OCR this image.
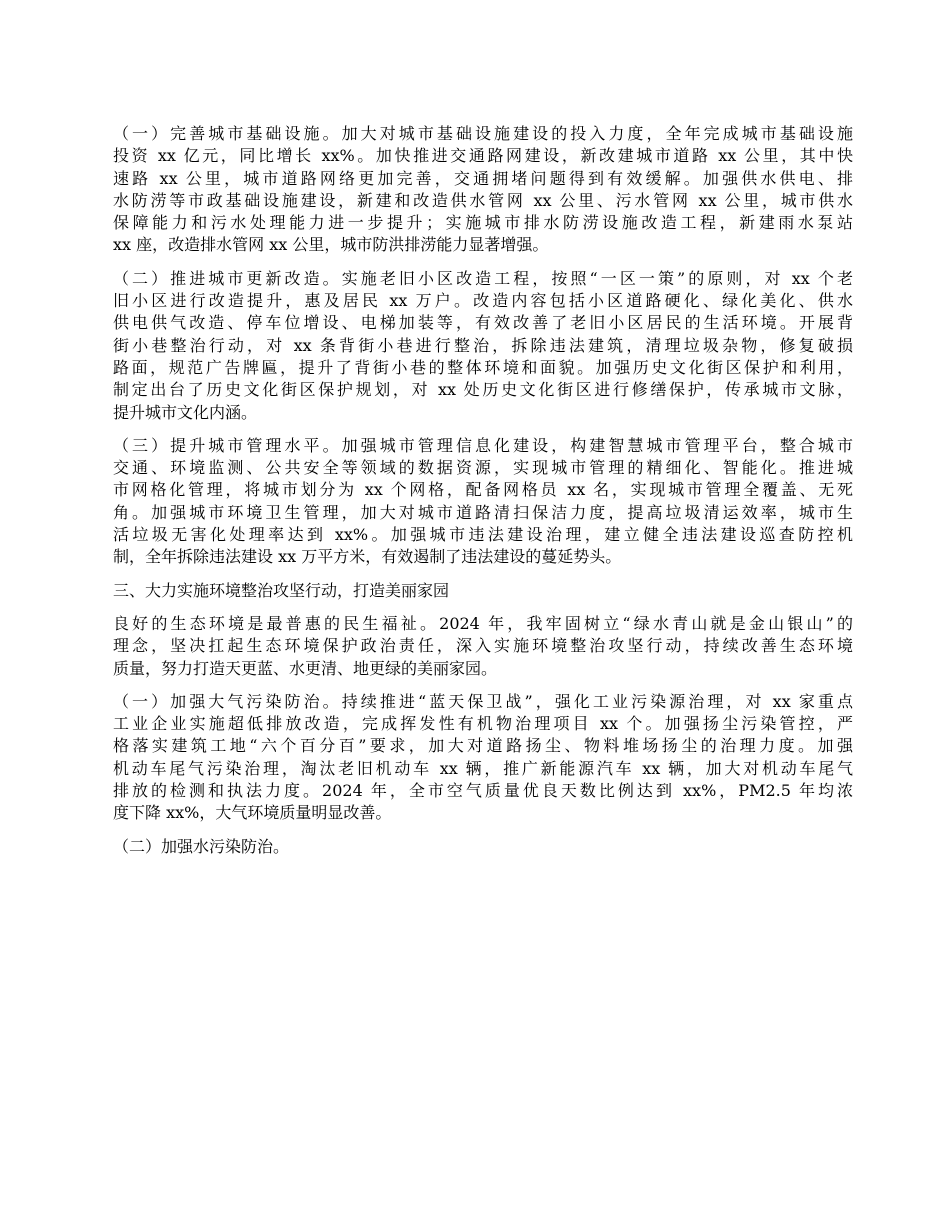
（一）完善城市基础设施。加大对城市基础设施建设的投入力度，全年完成城市基础设施
投资 xx 亿元，同比增长 xx%。加快推进交通路网建设，新改建城市道路 xx 公里，其中快
速路 xx 公里，城市道路网络更加完善，交通拥堵问题得到有效缓解。加强供水供电、排
水防涝等市政基础设施建设，新建和改造供水管网 xx 公里、污水管网 xx 公里，城市供水
保障能力和污水处理能力进一步提升；实施城市排水防涝设施改造工程，新建雨水泵站
xx 座，改造排水管网 xx 公里，城市防洪排涝能力显著增强。

（二）推进城市更新改造。实施老旧小区改造工程，按照“一区一策”的原则，对 xx 个老
旧小区进行改造提升，惠及居民 xx 万户。改造内容包括小区道路硬化、绿化美化、供水
供电供气改造、停车位增设、电梯加装等，有效改善了老旧小区居民的生活环境。开展背
街小巷整治行动，对 xx 条背街小巷进行整治，拆除违法建筑，清理垃圾杂物，修复破损
路面，规范广告牌匾，提升了背街小巷的整体环境和面貌。加强历史文化街区保护和利用，
制定出台了历史文化街区保护规划，对 xx 处历史文化街区进行修缮保护，传承城市文脉，
提升城市文化内涵。

（三）提升城市管理水平。加强城市管理信息化建设，构建智慧城市管理平台，整合城市
交通、环境监测、公共安全等领域的数据资源，实现城市管理的精细化、智能化。推进城
市网格化管理，将城市划分为 xx 个网格，配备网格员 xx 名，实现城市管理全覆盖、无死
角。加强城市环境卫生管理，加大对城市道路清扫保洁力度，提高垃圾清运效率，城市生
活垃圾无害化处理率达到 xx%。加强城市违法建设治理，建立健全违法建设巡查防控机
制，全年拆除违法建设 xx 万平方米，有效遏制了违法建设的蔓延势头。

三、大力实施环境整治攻坚行动，打造美丽家园

良好的生态环境是最普惠的民生福祉。2024 年，我牢固树立“绿水青山就是金山银山”的
理念，坚决扛起生态环境保护政治责任，深入实施环境整治攻坚行动，持续改善生态环境
质量，努力打造天更蓝、水更清、地更绿的美丽家园。

（一）加强大气污染防治。持续推进“蓝天保卫战”，强化工业污染源治理，对 xx 家重点
工业企业实施超低排放改造，完成挥发性有机物治理项目 xx 个。加强扬尘污染管控，严
格落实建筑工地“六个百分百”要求，加大对道路扬尘、物料堆场扬尘的治理力度。加强
机动车尾气污染治理，淘汰老旧机动车 xx 辆，推广新能源汽车 xx 辆，加大对机动车尾气
排放的检测和执法力度。2024 年，全市空气质量优良天数比例达到 xx%，PM2.5 年均浓
度下降 xx%，大气环境质量明显改善。

（二）加强水污染防治。
